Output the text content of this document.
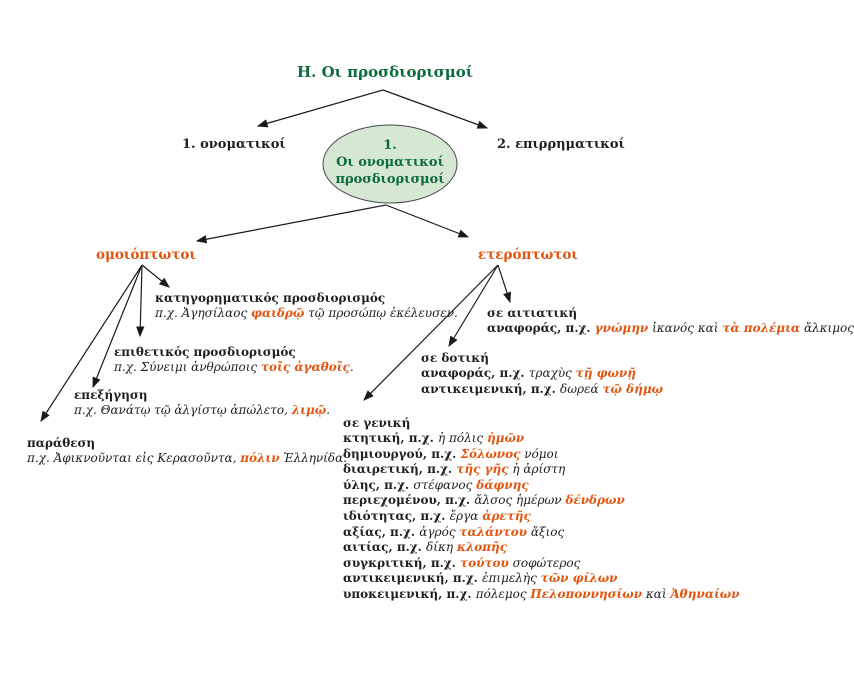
Η. Οι προσδιορισμοί
1. ονοματικοί	2. επιρρηματικοί
1.
Οι ονοματικοί
προσδιορισμοί
ομοιόπτωτοι	ετερόπτωτοι
κατηγορηματικός προσδιορισμός
π.χ. Ἀγησίλαος φαιδρῷ τῷ προσώπῳ ἐκέλευσεν.
επιθετικός προσδιορισμός
π.χ. Σύνειμι ἀνθρώποις τοῖς ἀγαθοῖς.
επεξήγηση
π.χ. Θανάτῳ τῷ ἀλγίστῳ ἀπώλετο, λιμῷ.
παράθεση
π.χ. Ἀφικνοῦνται εἰς Κερασοῦντα, πόλιν Ἑλληνίδα.
σε αιτιατική
αναφοράς, π.χ. γνώμην ἱκανός καὶ τὰ πολέμια ἄλκιμος
σε δοτική
αναφοράς, π.χ. τραχὺς τῇ φωνῇ
αντικειμενική, π.χ. δωρεά τῷ δήμῳ
σε γενική
κτητική, π.χ. ἡ πόλις ἡμῶν
δημιουργού, π.χ. Σόλωνος νόμοι
διαιρετική, π.χ. τῆς γῆς ἡ ἀρίστη
ύλης, π.χ. στέφανος δάφνης
περιεχομένου, π.χ. ἄλσος ἡμέρων δένδρων
ιδιότητας, π.χ. ἔργα ἀρετῆς
αξίας, π.χ. ἀγρός ταλάντου ἄξιος
αιτίας, π.χ. δίκη κλοπῆς
συγκριτική, π.χ. τούτου σοφώτερος
αντικειμενική, π.χ. ἐπιμελὴς τῶν φίλων
υποκειμενική, π.χ. πόλεμος Πελοποννησίων καὶ Ἀθηναίων
